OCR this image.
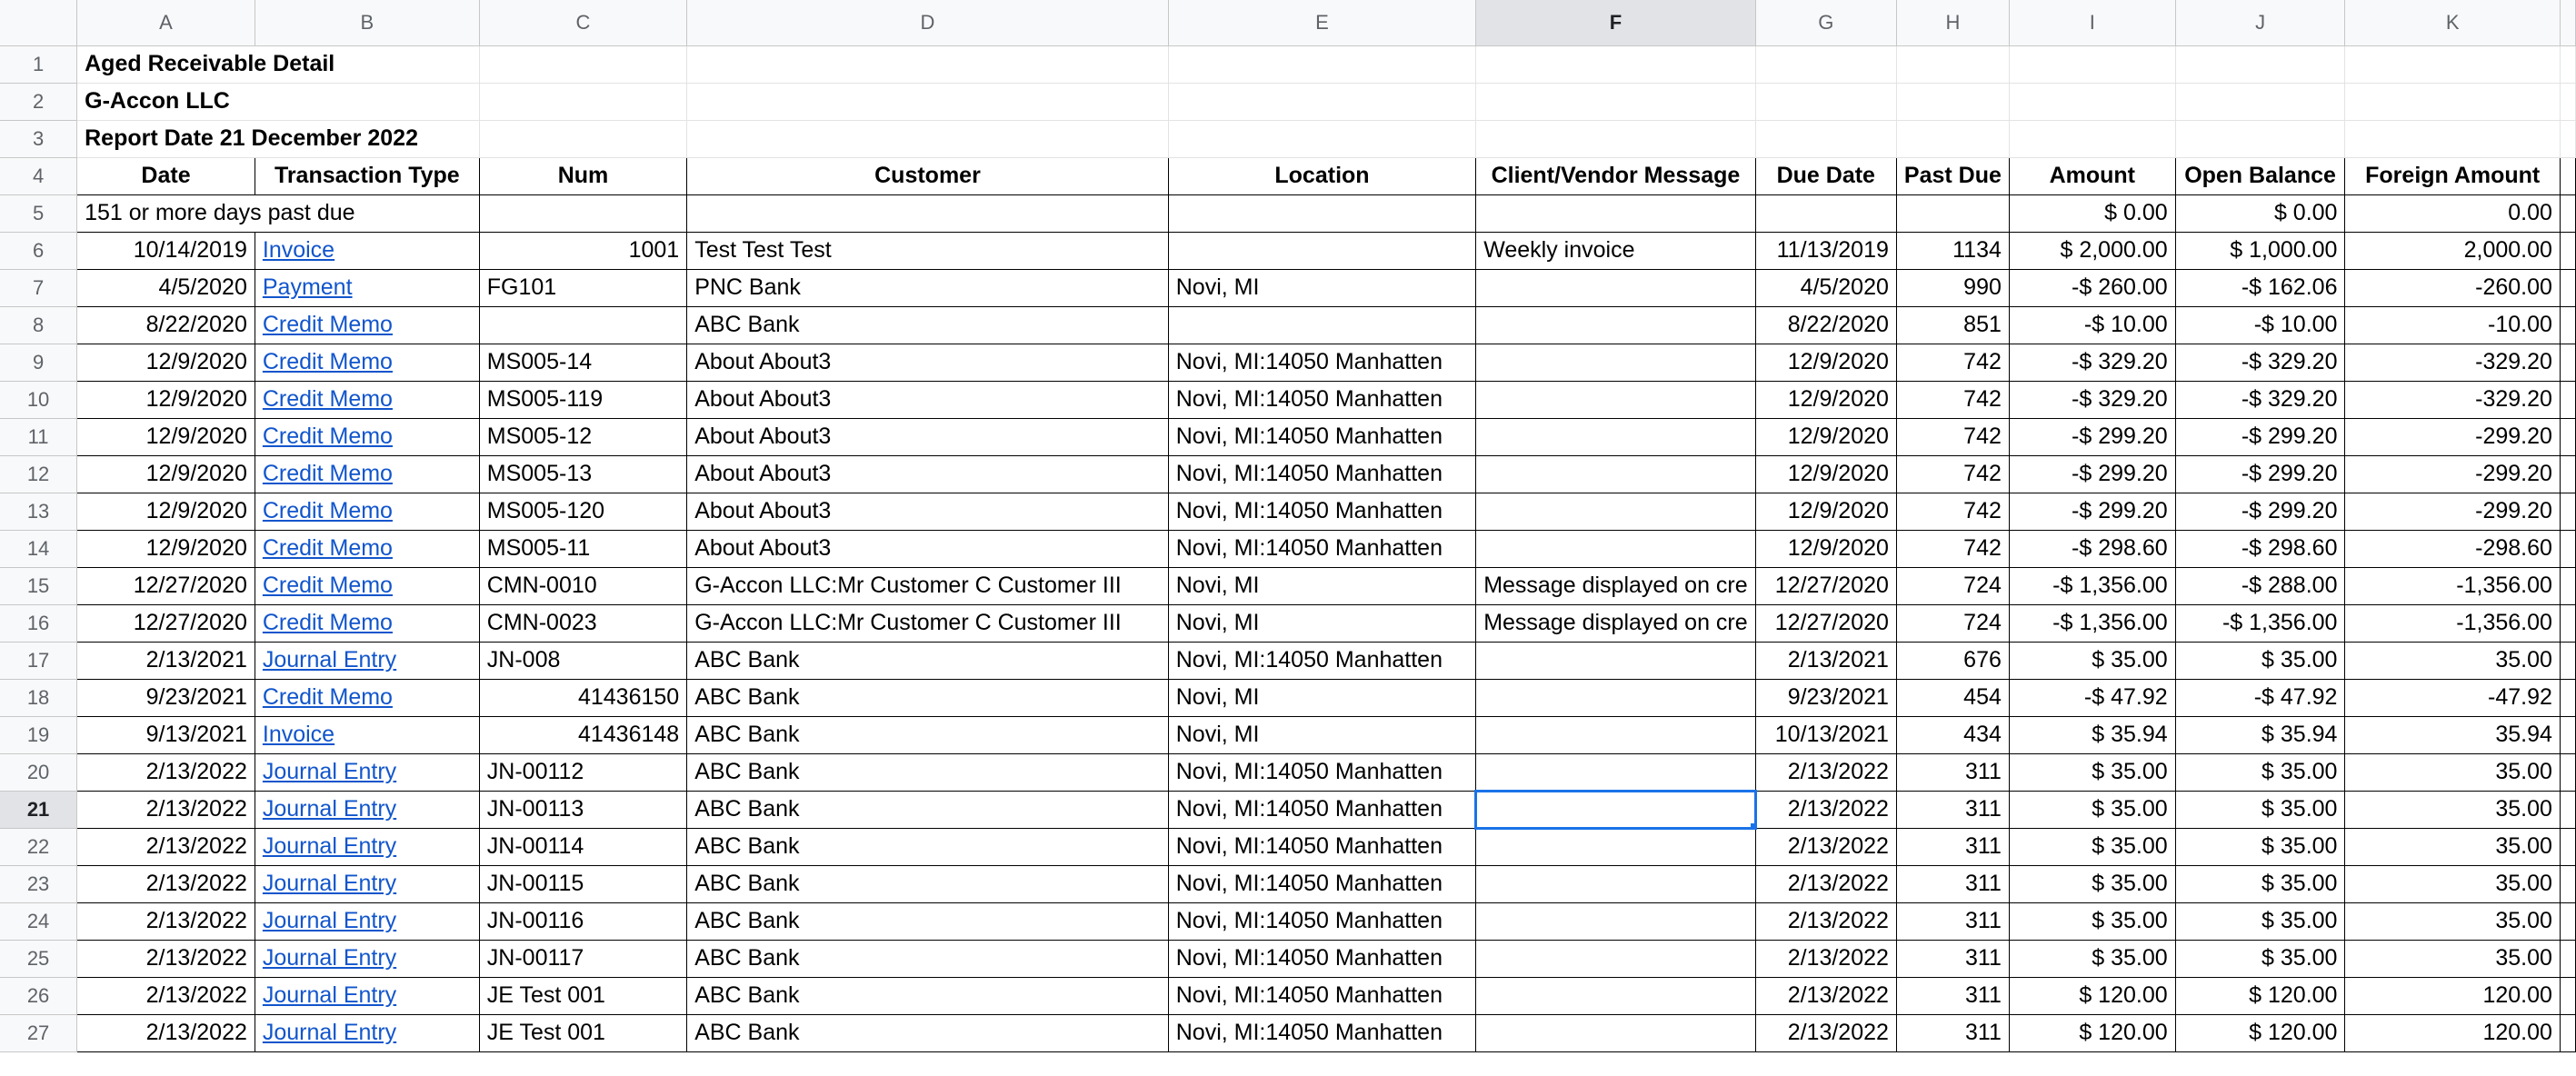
	A	B	C	D	E	F	G	H	I	J	K	
1	Aged Receivable Detail											
2	G-Accon LLC											
3	Report Date 21 December 2022											
4	Date	Transaction Type	Num	Customer	Location	Client/Vendor Message	Due Date	Past Due	Amount	Open Balance	Foreign Amount	
5	151 or more days past due								$ 0.00	$ 0.00	0.00	
6	10/14/2019	Invoice	1001	Test Test Test		Weekly invoice	11/13/2019	1134	$ 2,000.00	$ 1,000.00	2,000.00	
7	4/5/2020	Payment	FG101	PNC Bank	Novi, MI		4/5/2020	990	-$ 260.00	-$ 162.06	-260.00	
8	8/22/2020	Credit Memo		ABC Bank			8/22/2020	851	-$ 10.00	-$ 10.00	-10.00	
9	12/9/2020	Credit Memo	MS005-14	About About3	Novi, MI:14050 Manhatten		12/9/2020	742	-$ 329.20	-$ 329.20	-329.20	
10	12/9/2020	Credit Memo	MS005-119	About About3	Novi, MI:14050 Manhatten		12/9/2020	742	-$ 329.20	-$ 329.20	-329.20	
11	12/9/2020	Credit Memo	MS005-12	About About3	Novi, MI:14050 Manhatten		12/9/2020	742	-$ 299.20	-$ 299.20	-299.20	
12	12/9/2020	Credit Memo	MS005-13	About About3	Novi, MI:14050 Manhatten		12/9/2020	742	-$ 299.20	-$ 299.20	-299.20	
13	12/9/2020	Credit Memo	MS005-120	About About3	Novi, MI:14050 Manhatten		12/9/2020	742	-$ 299.20	-$ 299.20	-299.20	
14	12/9/2020	Credit Memo	MS005-11	About About3	Novi, MI:14050 Manhatten		12/9/2020	742	-$ 298.60	-$ 298.60	-298.60	
15	12/27/2020	Credit Memo	CMN-0010	G-Accon LLC:Mr Customer C Customer III	Novi, MI	Message displayed on cre	12/27/2020	724	-$ 1,356.00	-$ 288.00	-1,356.00	
16	12/27/2020	Credit Memo	CMN-0023	G-Accon LLC:Mr Customer C Customer III	Novi, MI	Message displayed on cre	12/27/2020	724	-$ 1,356.00	-$ 1,356.00	-1,356.00	
17	2/13/2021	Journal Entry	JN-008	ABC Bank	Novi, MI:14050 Manhatten		2/13/2021	676	$ 35.00	$ 35.00	35.00	
18	9/23/2021	Credit Memo	41436150	ABC Bank	Novi, MI		9/23/2021	454	-$ 47.92	-$ 47.92	-47.92	
19	9/13/2021	Invoice	41436148	ABC Bank	Novi, MI		10/13/2021	434	$ 35.94	$ 35.94	35.94	
20	2/13/2022	Journal Entry	JN-00112	ABC Bank	Novi, MI:14050 Manhatten		2/13/2022	311	$ 35.00	$ 35.00	35.00	
21	2/13/2022	Journal Entry	JN-00113	ABC Bank	Novi, MI:14050 Manhatten		2/13/2022	311	$ 35.00	$ 35.00	35.00	
22	2/13/2022	Journal Entry	JN-00114	ABC Bank	Novi, MI:14050 Manhatten		2/13/2022	311	$ 35.00	$ 35.00	35.00	
23	2/13/2022	Journal Entry	JN-00115	ABC Bank	Novi, MI:14050 Manhatten		2/13/2022	311	$ 35.00	$ 35.00	35.00	
24	2/13/2022	Journal Entry	JN-00116	ABC Bank	Novi, MI:14050 Manhatten		2/13/2022	311	$ 35.00	$ 35.00	35.00	
25	2/13/2022	Journal Entry	JN-00117	ABC Bank	Novi, MI:14050 Manhatten		2/13/2022	311	$ 35.00	$ 35.00	35.00	
26	2/13/2022	Journal Entry	JE Test 001	ABC Bank	Novi, MI:14050 Manhatten		2/13/2022	311	$ 120.00	$ 120.00	120.00	
27	2/13/2022	Journal Entry	JE Test 001	ABC Bank	Novi, MI:14050 Manhatten		2/13/2022	311	$ 120.00	$ 120.00	120.00	
